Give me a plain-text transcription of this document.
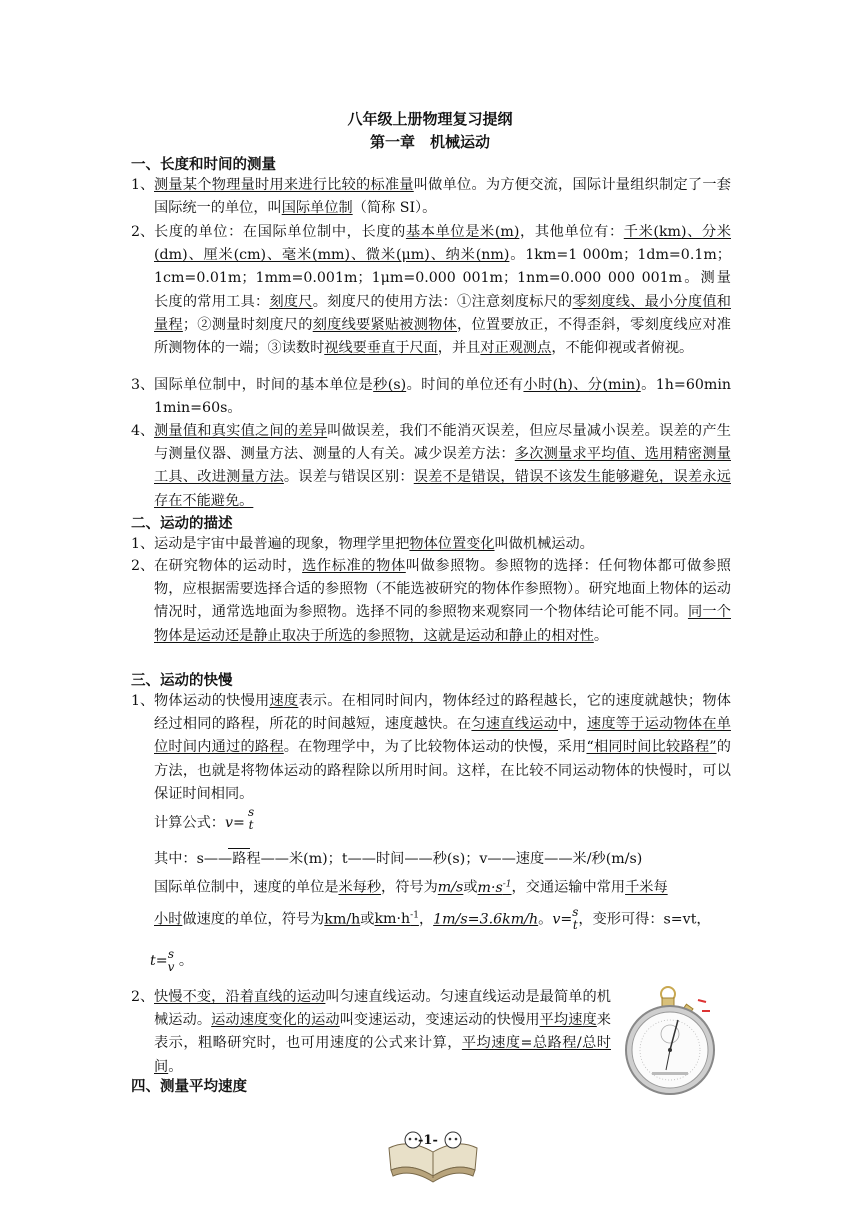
八年级上册物理复习提纲
第一章　机械运动
一、长度和时间的测量
1、 测量某个物理量时用来进行比较的标准量叫做单位。为方便交流，国际计量组织制定了一套国际统一的单位，叫国际单位制（简称 SI）。
2、 长度的单位：在国际单位制中，长度的基本单位是米(m)，其他单位有：千米(km)、分米(dm)、厘米(cm)、毫米(mm)、微米(μm)、纳米(nm)。1km=1 000m；1dm=0.1m；1cm=0.01m；1mm=0.001m；1μm=0.000 001m；1nm=0.000 000 001m。测量长度的常用工具：刻度尺。刻度尺的使用方法：①注意刻度标尺的零刻度线、最小分度值和量程；②测量时刻度尺的刻度线要紧贴被测物体，位置要放正，不得歪斜，零刻度线应对准所测物体的一端；③读数时视线要垂直于尺面，并且对正观测点，不能仰视或者俯视。
3、 国际单位制中，时间的基本单位是秒(s)。时间的单位还有小时(h)、分(min)。1h=60min　1min=60s。
4、 测量值和真实值之间的差异叫做误差，我们不能消灭误差，但应尽量减小误差。误差的产生与测量仪器、测量方法、测量的人有关。减少误差方法：多次测量求平均值、选用精密测量工具、改进测量方法。误差与错误区别：误差不是错误，错误不该发生能够避免，误差永远存在不能避免。
二、运动的描述
1、 运动是宇宙中最普遍的现象，物理学里把物体位置变化叫做机械运动。
2、 在研究物体的运动时，选作标准的物体叫做参照物。参照物的选择：任何物体都可做参照物，应根据需要选择合适的参照物（不能选被研究的物体作参照物）。研究地面上物体的运动情况时，通常选地面为参照物。选择不同的参照物来观察同一个物体结论可能不同。同一个物体是运动还是静止取决于所选的参照物，这就是运动和静止的相对性。
三、运动的快慢
1、 物体运动的快慢用速度表示。在相同时间内，物体经过的路程越长，它的速度就越快；物体经过相同的路程，所花的时间越短，速度越快。在匀速直线运动中，速度等于运动物体在单位时间内通过的路程。在物理学中，为了比较物体运动的快慢，采用“相同时间比较路程”的方法，也就是将物体运动的路程除以所用时间。这样，在比较不同运动物体的快慢时，可以保证时间相同。
计算公式：v=
s
t
其中：s——路程——米(m)；t——时间——秒(s)；v——速度——米/秒(m/s)
国际单位制中，速度的单位是米每秒，符号为m/s或$m\cdot s^{-1}$，交通运输中常用千米每
小时做速度的单位，符号为km/h或$km\cdot h^{-1}$，1m/s=3.6km/h。v= s
t ，变形可得：s=vt，
t= s
v 。
2、 快慢不变，沿着直线的运动叫匀速直线运动。匀速直线运动是最简单的机械运动。运动速度变化的运动叫变速运动，变速运动的快慢用平均速度来表示，粗略研究时，也可用速度的公式来计算，平均速度=总路程/总时间。
四、测量平均速度
-1-
